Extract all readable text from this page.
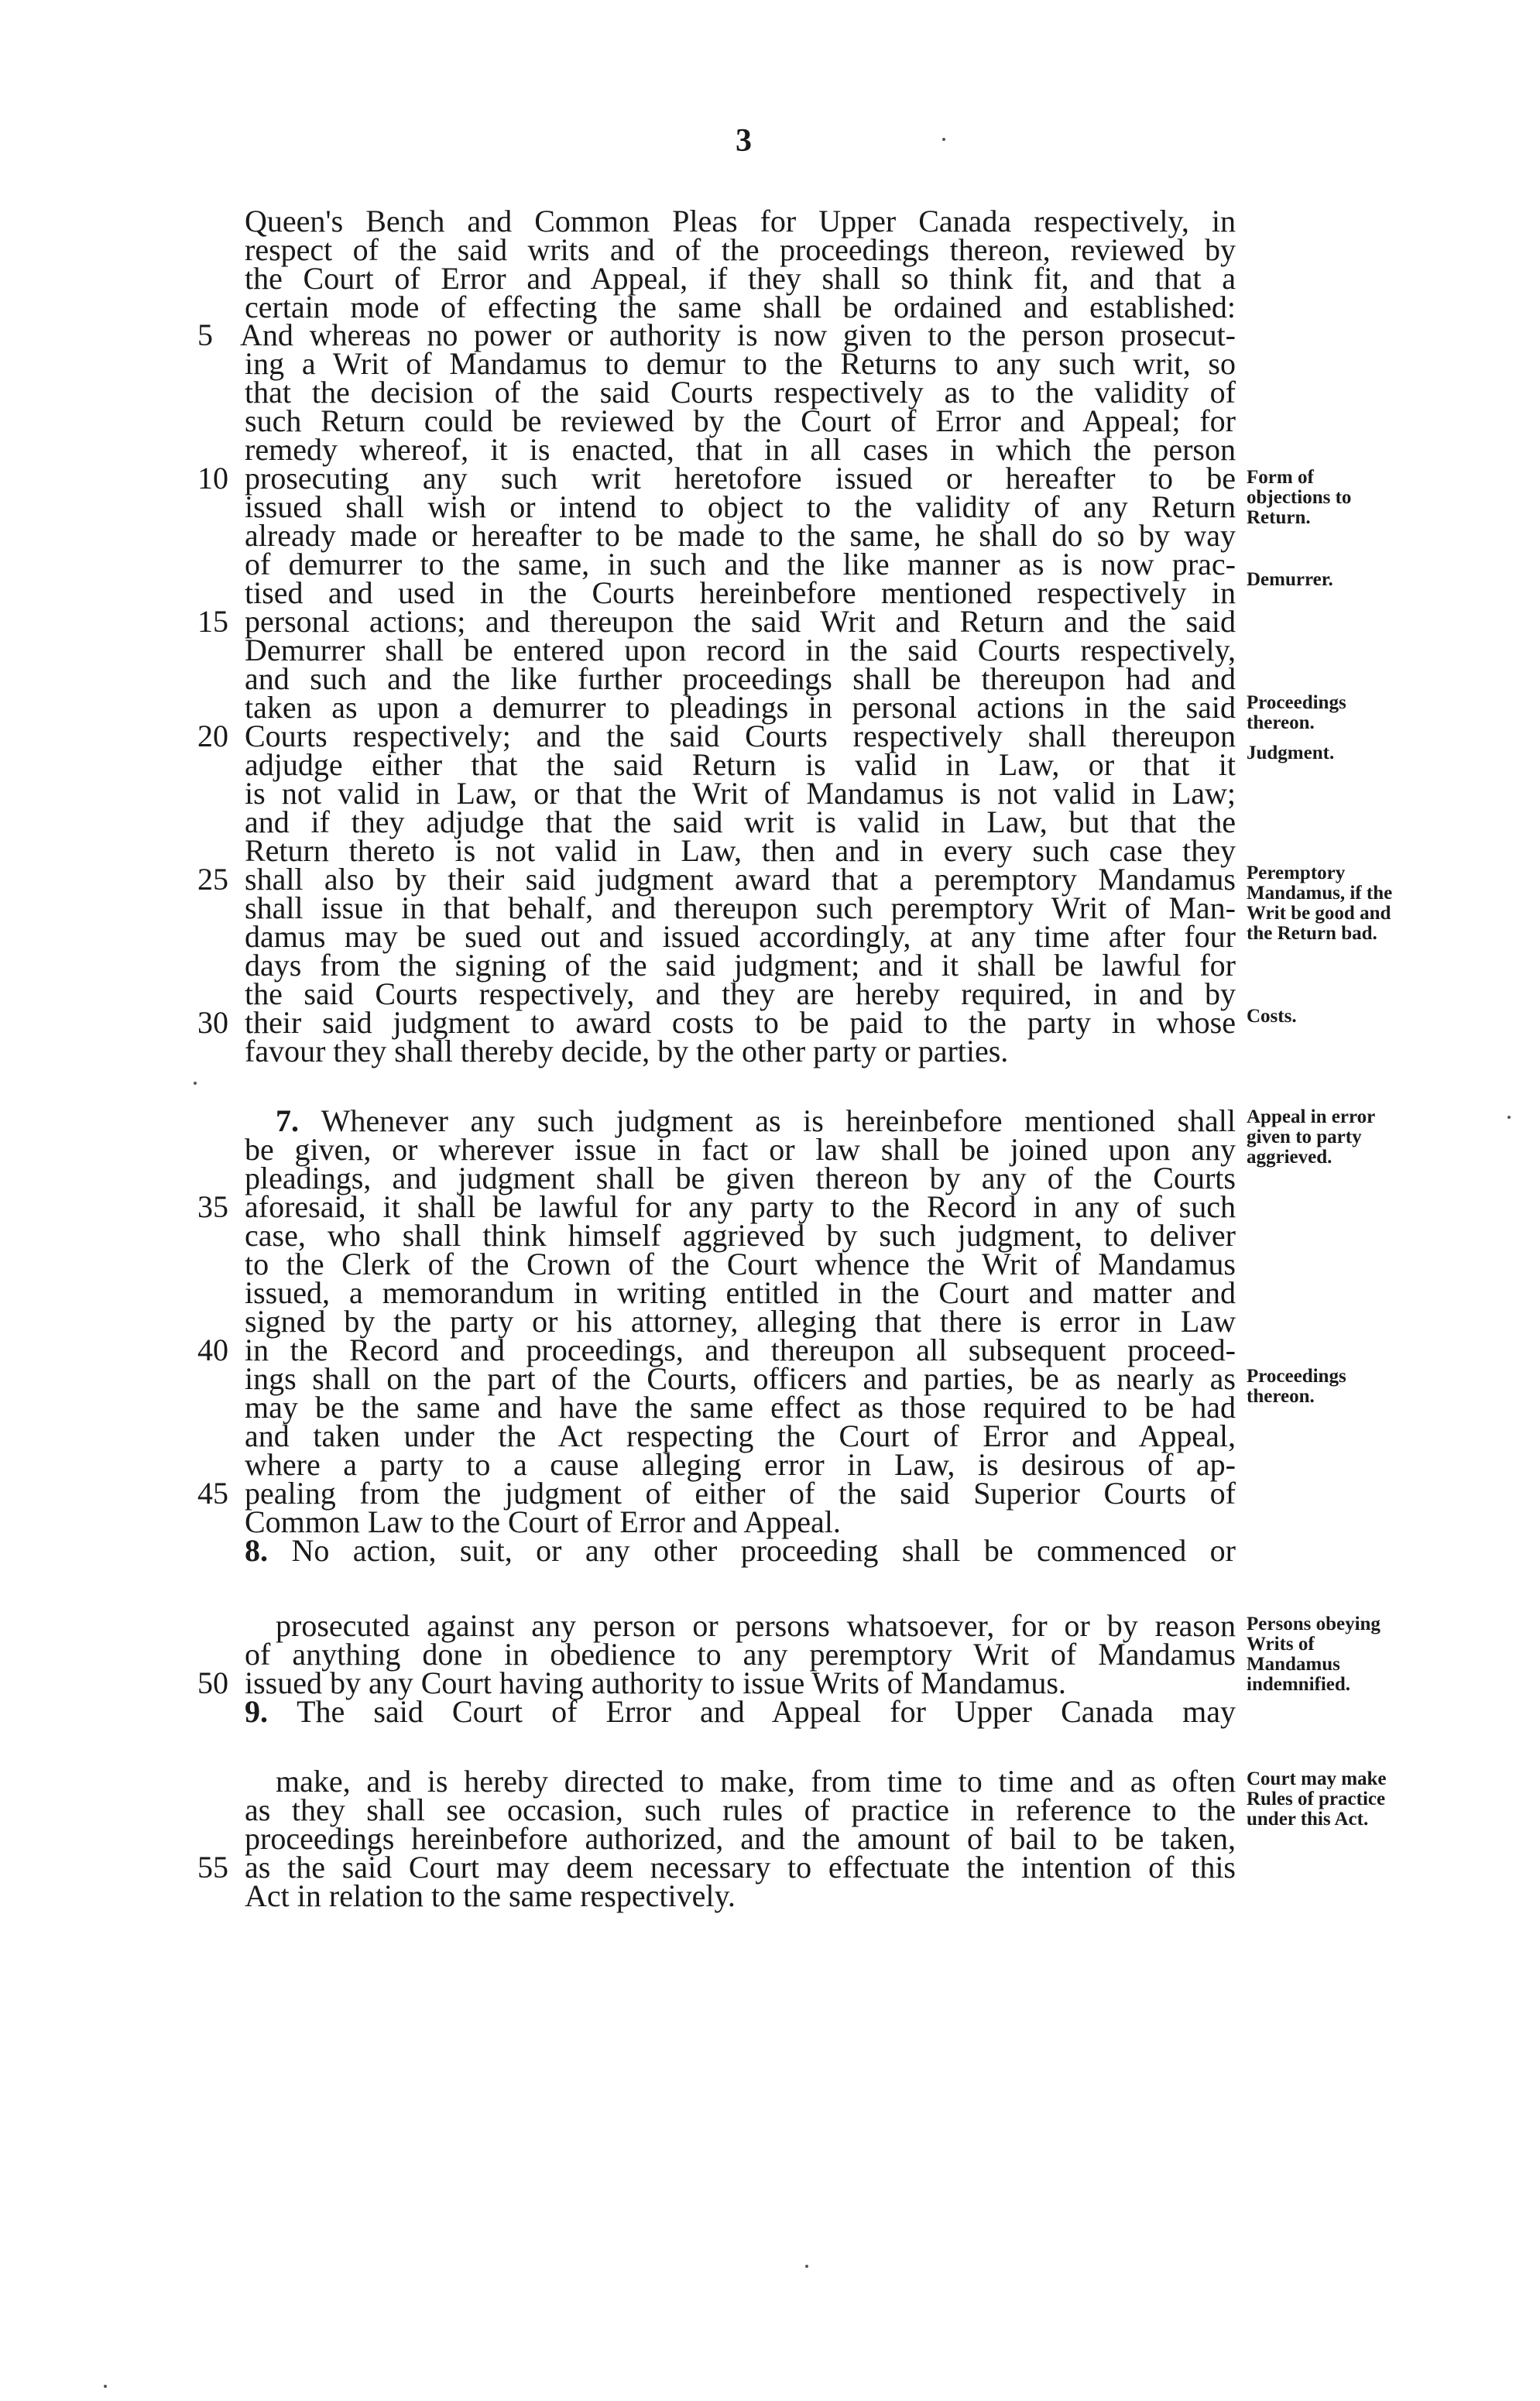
3
Queen's Bench and Common Pleas for Upper Canada respectively, in
respect of the said writs and of the proceedings thereon, reviewed by
the Court of Error and Appeal, if they shall so think fit, and that a
certain mode of effecting the same shall be ordained and established:
And whereas no power or authority is now given to the person prosecut-
5
ing a Writ of Mandamus to demur to the Returns to any such writ, so
that the decision of the said Courts respectively as to the validity of
such Return could be reviewed by the Court of Error and Appeal; for
remedy whereof, it is enacted, that in all cases in which the person
prosecuting any such writ heretofore issued or hereafter to be
10
issued shall wish or intend to object to the validity of any Return
already made or hereafter to be made to the same, he shall do so by way
of demurrer to the same, in such and the like manner as is now prac-
tised and used in the Courts hereinbefore mentioned respectively in
personal actions; and thereupon the said Writ and Return and the said
15
Demurrer shall be entered upon record in the said Courts respectively,
and such and the like further proceedings shall be thereupon had and
taken as upon a demurrer to pleadings in personal actions in the said
Courts respectively; and the said Courts respectively shall thereupon
20
adjudge either that the said Return is valid in Law, or that it
is not valid in Law, or that the Writ of Mandamus is not valid in Law;
and if they adjudge that the said writ is valid in Law, but that the
Return thereto is not valid in Law, then and in every such case they
shall also by their said judgment award that a peremptory Mandamus
25
shall issue in that behalf, and thereupon such peremptory Writ of Man-
damus may be sued out and issued accordingly, at any time after four
days from the signing of the said judgment; and it shall be lawful for
the said Courts respectively, and they are hereby required, in and by
their said judgment to award costs to be paid to the party in whose
30
favour they shall thereby decide, by the other party or parties.
7. Whenever any such judgment as is hereinbefore mentioned shall
be given, or wherever issue in fact or law shall be joined upon any
pleadings, and judgment shall be given thereon by any of the Courts
aforesaid, it shall be lawful for any party to the Record in any of such
35
case, who shall think himself aggrieved by such judgment, to deliver
to the Clerk of the Crown of the Court whence the Writ of Mandamus
issued, a memorandum in writing entitled in the Court and matter and
signed by the party or his attorney, alleging that there is error in Law
in the Record and proceedings, and thereupon all subsequent proceed-
40
ings shall on the part of the Courts, officers and parties, be as nearly as
may be the same and have the same effect as those required to be had
and taken under the Act respecting the Court of Error and Appeal,
where a party to a cause alleging error in Law, is desirous of ap-
pealing from the judgment of either of the said Superior Courts of
45
Common Law to the Court of Error and Appeal.
8. No action, suit, or any other proceeding shall be commenced or
prosecuted against any person or persons whatsoever, for or by reason
of anything done in obedience to any peremptory Writ of Mandamus
issued by any Court having authority to issue Writs of Mandamus.
50
9. The said Court of Error and Appeal for Upper Canada may
make, and is hereby directed to make, from time to time and as often
as they shall see occasion, such rules of practice in reference to the
proceedings hereinbefore authorized, and the amount of bail to be taken,
as the said Court may deem necessary to effectuate the intention of this
55
Act in relation to the same respectively.
Form of objections to Return.
Demurrer.
Proceedings thereon.
Judgment.
Peremptory Mandamus, if the Writ be good and the Return bad.
Costs.
Appeal in error given to party aggrieved.
Proceedings thereon.
Persons obeying Writs of Mandamus indemnified.
Court may make Rules of practice under this Act.
